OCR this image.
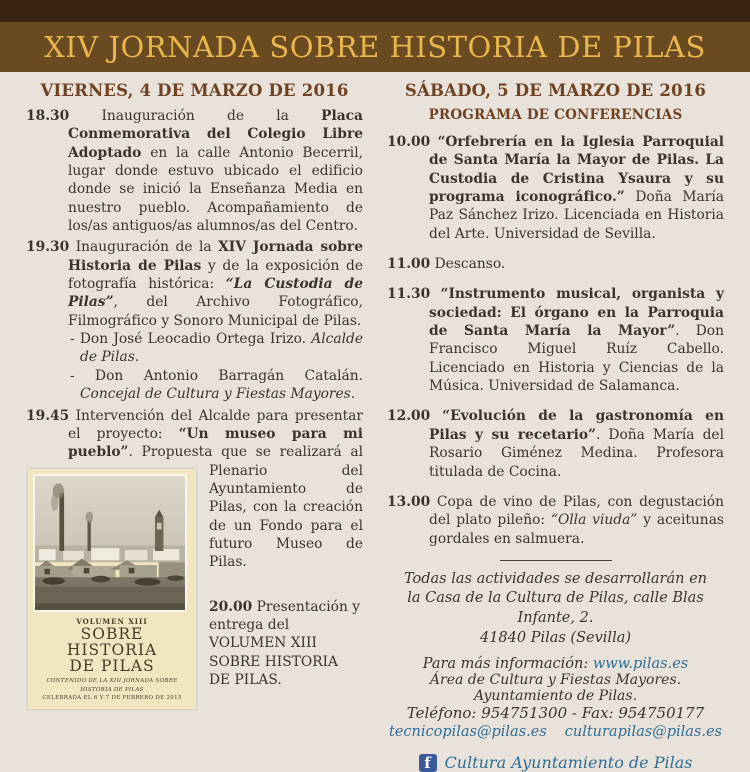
XIV JORNADA SOBRE HISTORIA DE PILAS
VIERNES, 4 DE MARZO DE 2016
18.30 Inauguración de la Placa Conmemorativa del Colegio Libre Adoptado en la calle Antonio Becerril, lugar donde estuvo ubicado el edificio donde se inició la Enseñanza Media en nuestro pueblo. Acompañamiento de los/as antiguos/as alumnos/as del Centro.
19.30 Inauguración de la XIV Jornada sobre Historia de Pilas y de la exposición de fotografía histórica: “La Custodia de Pilas”, del Archivo Fotográfico, Filmográfico y Sonoro Municipal de Pilas.
- Don José Leocadio Ortega Irizo. Alcalde de Pilas.
- Don Antonio Barragán Catalán. Concejal de Cultura y Fiestas Mayores.
VOLUMEN XIII
SOBRE HISTORIA
DE PILAS
CONTENIDO DE LA XIII JORNADA SOBRE HISTORIA DE PILAS
CELEBRADA EL 6 Y 7 DE FEBRERO DE 2015
19.45 Intervención del Alcalde para presentar el proyecto: “Un museo para mi pueblo”. Propuesta que se realizará al Plenario del Ayuntamiento de Pilas, con la creación de un Fondo para el futuro Museo de Pilas.
20.00 Presentación y entrega del VOLUMEN XIII SOBRE HISTORIA DE PILAS.
SÁBADO, 5 DE MARZO DE 2016
PROGRAMA DE CONFERENCIAS
10.00 “Orfebrería en la Iglesia Parroquial de Santa María la Mayor de Pilas. La Custodia de Cristina Ysaura y su programa iconográfico.” Doña María Paz Sánchez Irizo. Licenciada en Historia del Arte. Universidad de Sevilla.
11.00 Descanso.
11.30 “Instrumento musical, organista y sociedad: El órgano en la Parroquia de Santa María la Mayor”. Don Francisco Miguel Ruíz Cabello. Licenciado en Historia y Ciencias de la Música. Universidad de Salamanca.
12.00 “Evolución de la gastronomía en Pilas y su recetario”. Doña María del Rosario Giménez Medina. Profesora titulada de Cocina.
13.00 Copa de vino de Pilas, con degustación del plato pileño: “Olla viuda” y aceitunas gordales en salmuera.
Todas las actividades se desarrollarán en
la Casa de la Cultura de Pilas, calle Blas Infante, 2.
41840 Pilas (Sevilla)
Para más información: www.pilas.es
Área de Cultura y Fiestas Mayores. Ayuntamiento de Pilas.
Teléfono: 954751300 - Fax: 954750177
tecnicopilas@pilas.es culturapilas@pilas.es
f Cultura Ayuntamiento de Pilas
